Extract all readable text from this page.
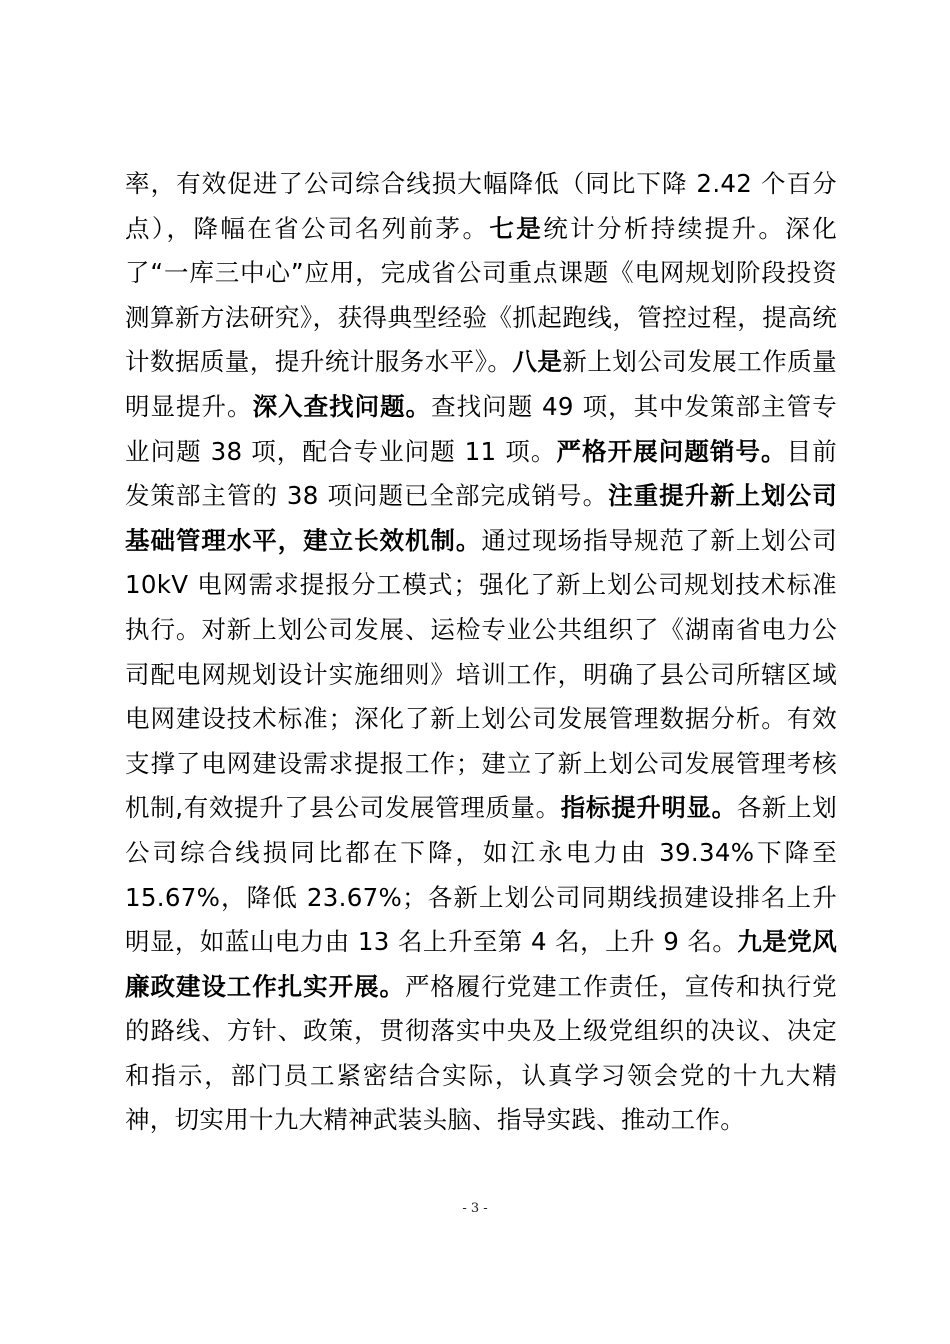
率，有效促进了公司综合线损大幅降低（同比下降 2.42 个百分点），降幅在省公司名列前茅。七是统计分析持续提升。深化了“一库三中心”应用，完成省公司重点课题《电网规划阶段投资测算新方法研究》，获得典型经验《抓起跑线，管控过程，提高统计数据质量，提升统计服务水平》。八是新上划公司发展工作质量明显提升。深入查找问题。查找问题 49 项，其中发策部主管专业问题 38 项，配合专业问题 11 项。严格开展问题销号。目前发策部主管的 38 项问题已全部完成销号。注重提升新上划公司基础管理水平，建立长效机制。通过现场指导规范了新上划公司 10kV 电网需求提报分工模式；强化了新上划公司规划技术标准执行。对新上划公司发展、运检专业公共组织了《湖南省电力公司配电网规划设计实施细则》培训工作，明确了县公司所辖区域电网建设技术标准；深化了新上划公司发展管理数据分析。有效支撑了电网建设需求提报工作；建立了新上划公司发展管理考核机制,有效提升了县公司发展管理质量。指标提升明显。各新上划公司综合线损同比都在下降，如江永电力由 39.34%下降至 15.67%，降低 23.67%；各新上划公司同期线损建设排名上升明显，如蓝山电力由 13 名上升至第 4 名，上升 9 名。九是党风廉政建设工作扎实开展。严格履行党建工作责任，宣传和执行党的路线、方针、政策，贯彻落实中央及上级党组织的决议、决定和指示，部门员工紧密结合实际，认真学习领会党的十九大精神，切实用十九大精神武装头脑、指导实践、推动工作。

- 3 -
